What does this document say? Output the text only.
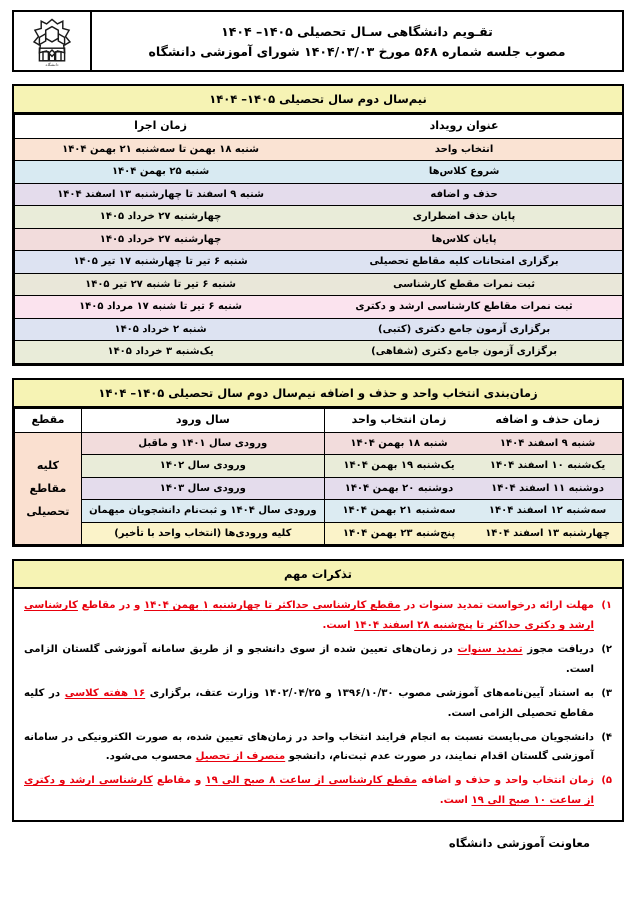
تقـویم دانشگاهی سـال تحصیلی ۱۴۰۵– ۱۴۰۴
مصوب جلسه شماره ۵۶۸ مورخ ۱۴۰۴/۰۳/۰۳ شورای آموزشی دانشگاه
دانشگاه
نیم‌سال دوم سال تحصیلی ۱۴۰۵– ۱۴۰۴
عنوان رویداد	زمان اجرا
انتخاب واحد	شنبه ۱۸ بهمن تا سه‌شنبه ۲۱ بهمن ۱۴۰۴
شروع کلاس‌ها	شنبه ۲۵ بهمن ۱۴۰۴
حذف و اضافه	شنبه ۹ اسفند تا چهارشنبه ۱۳ اسفند ۱۴۰۴
پایان حذف اضطراری	چهارشنبه ۲۷ خرداد ۱۴۰۵
پایان کلاس‌ها	چهارشنبه ۲۷ خرداد ۱۴۰۵
برگزاری امتحانات کلیه مقاطع تحصیلی	شنبه ۶ تیر تا چهارشنبه ۱۷ تیر ۱۴۰۵
ثبت نمرات مقطع کارشناسی	شنبه ۶ تیر تا شنبه ۲۷ تیر ۱۴۰۵
ثبت نمرات مقاطع کارشناسی ارشد و دکتری	شنبه ۶ تیر تا شنبه ۱۷ مرداد ۱۴۰۵
برگزاری آزمون جامع دکتری (کتبی)	شنبه ۲ خرداد ۱۴۰۵
برگزاری آزمون جامع دکتری (شفاهی)	یک‌شنبه ۳ خرداد ۱۴۰۵
زمان‌بندی انتخاب واحد و حذف و اضافه نیم‌سال دوم سال تحصیلی ۱۴۰۵– ۱۴۰۴
زمان حذف و اضافه	زمان انتخاب واحد	سال ورود	مقطع
شنبه ۹ اسفند ۱۴۰۴	شنبه ۱۸ بهمن ۱۴۰۴	ورودی سال ۱۴۰۱ و ماقبل	کلیه
مقاطع
تحصیلی

یک‌شنبه ۱۰ اسفند ۱۴۰۴	یک‌شنبه ۱۹ بهمن ۱۴۰۴	ورودی سال ۱۴۰۲	
دوشنبه ۱۱ اسفند ۱۴۰۴	دوشنبه ۲۰ بهمن ۱۴۰۴	ورودی سال ۱۴۰۳	
سه‌شنبه ۱۲ اسفند ۱۴۰۴	سه‌شنبه ۲۱ بهمن ۱۴۰۴	ورودی سال ۱۴۰۴ و ثبت‌نام دانشجویان میهمان	
چهارشنبه ۱۳ اسفند ۱۴۰۴	پنج‌شنبه ۲۳ بهمن ۱۴۰۴	کلیه ورودی‌ها (انتخاب واحد با تأخیر)	
تذکرات مهم
۱)
مهلت ارائه درخواست تمدید سنوات در مقطع کارشناسی حداکثر تا چهارشنبه ۱ بهمن ۱۴۰۴ و در مقاطع کارشناسی ارشد و دکتری حداکثر تا پنج‌شنبه ۲۸ اسفند ۱۴۰۴ است.
۲)
دریافت مجوز تمدید سنوات در زمان‌های تعیین شده از سوی دانشجو و از طریق سامانه آموزشی گلستان الزامی است.
۳)
به استناد آیین‌نامه‌های آموزشی مصوب ۱۳۹۶/۱۰/۳۰ و ۱۴۰۲/۰۴/۲۵ وزارت عتف، برگزاری ۱۶ هفته کلاسی در کلیه مقاطع تحصیلی الزامی است.
۴)
دانشجویان می‌بایست نسبت به انجام فرایند انتخاب واحد در زمان‌های تعیین شده، به صورت الکترونیکی در سامانه آموزشی گلستان اقدام نمایند، در صورت عدم ثبت‌نام، دانشجو منصرف از تحصیل محسوب می‌شود.
۵)
زمان انتخاب واحد و حذف و اضافه مقطع کارشناسی از ساعت ۸ صبح الی ۱۹ و مقاطع کارشناسی ارشد و دکتری از ساعت ۱۰ صبح الی ۱۹ است.
معاونت آموزشی دانشگاه
